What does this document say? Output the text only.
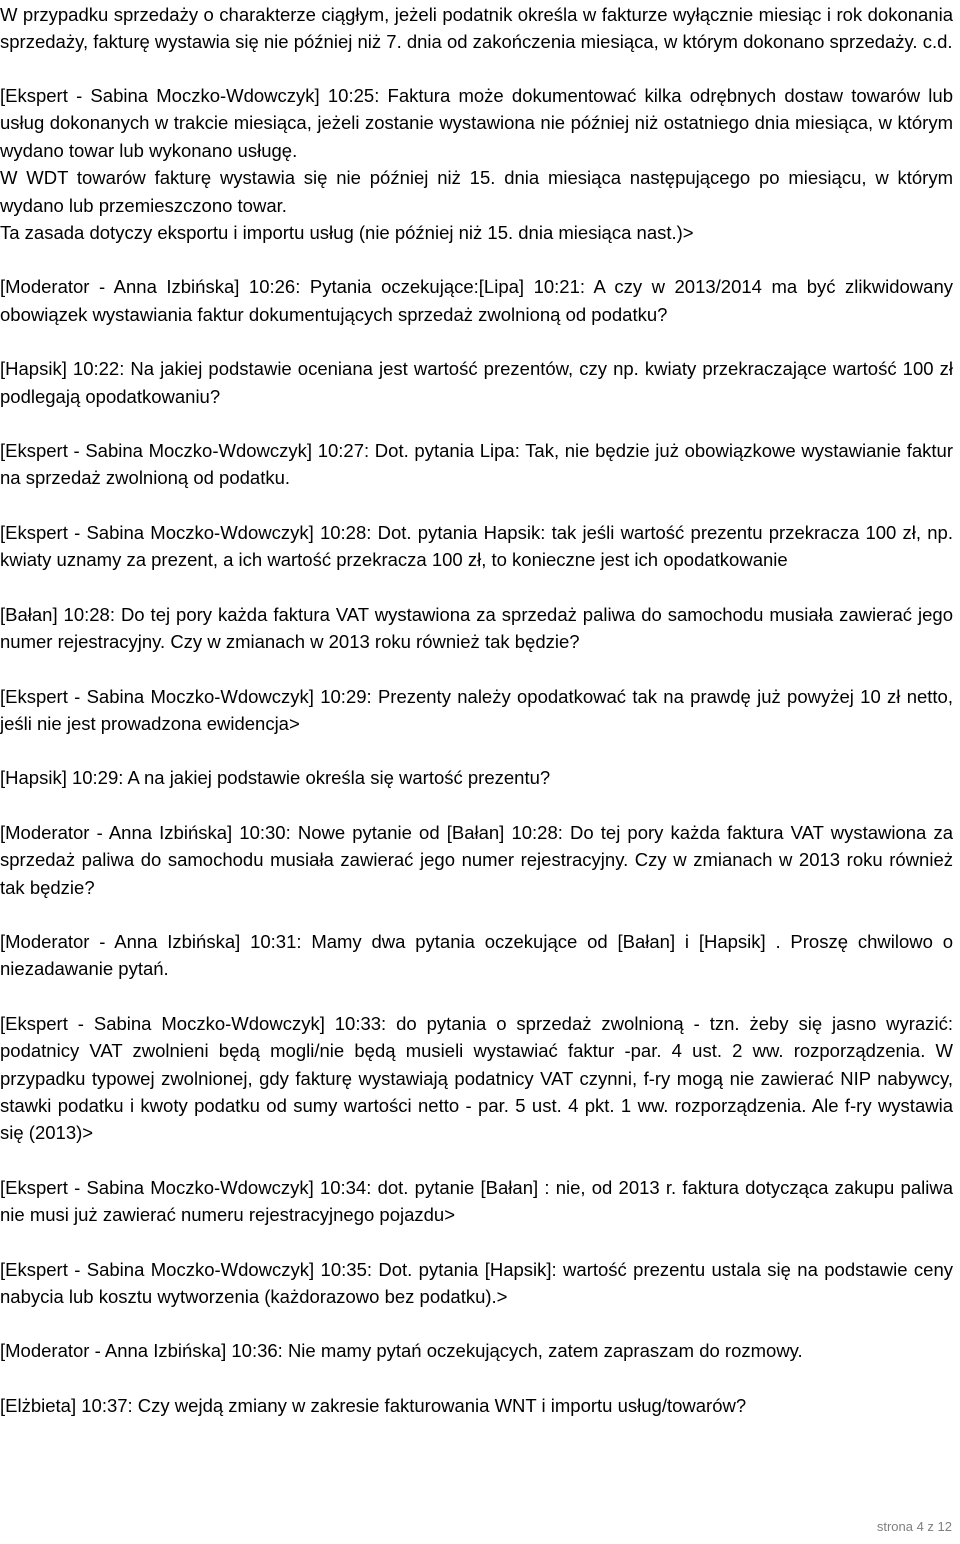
W przypadku sprzedaży o charakterze ciągłym, jeżeli podatnik określa w fakturze wyłącznie miesiąc i rok dokonania sprzedaży, fakturę wystawia się nie później niż 7. dnia od zakończenia miesiąca, w którym dokonano sprzedaży. c.d.

[Ekspert - Sabina Moczko-Wdowczyk] 10:25: Faktura może dokumentować kilka odrębnych dostaw towarów lub usług dokonanych w trakcie miesiąca, jeżeli zostanie wystawiona nie później niż ostatniego dnia miesiąca, w którym wydano towar lub wykonano usługę.

W WDT towarów fakturę wystawia się nie później niż 15. dnia miesiąca następującego po miesiącu, w którym wydano lub przemieszczono towar.

Ta zasada dotyczy eksportu i importu usług (nie później niż 15. dnia miesiąca nast.)>

[Moderator - Anna Izbińska] 10:26: Pytania oczekujące:[Lipa] 10:21: A czy w 2013/2014 ma być zlikwidowany obowiązek wystawiania faktur dokumentujących sprzedaż zwolnioną od podatku?

[Hapsik] 10:22: Na jakiej podstawie oceniana jest wartość prezentów, czy np. kwiaty przekraczające wartość 100 zł podlegają opodatkowaniu?

[Ekspert - Sabina Moczko-Wdowczyk] 10:27: Dot. pytania Lipa: Tak, nie będzie już obowiązkowe wystawianie faktur na sprzedaż zwolnioną od podatku.

[Ekspert - Sabina Moczko-Wdowczyk] 10:28: Dot. pytania Hapsik: tak jeśli wartość prezentu przekracza 100 zł, np. kwiaty uznamy za prezent, a ich wartość przekracza 100 zł, to konieczne jest ich opodatkowanie

[Bałan] 10:28: Do tej pory każda faktura VAT wystawiona za sprzedaż paliwa do samochodu musiała zawierać jego numer rejestracyjny. Czy w zmianach w 2013 roku również tak będzie?

[Ekspert - Sabina Moczko-Wdowczyk] 10:29: Prezenty należy opodatkować tak na prawdę już powyżej 10 zł netto, jeśli nie jest prowadzona ewidencja>

[Hapsik] 10:29: A na jakiej podstawie określa się wartość prezentu?

[Moderator - Anna Izbińska] 10:30: Nowe pytanie od [Bałan] 10:28: Do tej pory każda faktura VAT wystawiona za sprzedaż paliwa do samochodu musiała zawierać jego numer rejestracyjny. Czy w zmianach w 2013 roku również tak będzie?

[Moderator - Anna Izbińska] 10:31: Mamy dwa pytania oczekujące od [Bałan] i [Hapsik] . Proszę chwilowo o niezadawanie pytań.

[Ekspert - Sabina Moczko-Wdowczyk] 10:33: do pytania o sprzedaż zwolnioną - tzn. żeby się jasno wyrazić: podatnicy VAT zwolnieni będą mogli/nie będą musieli wystawiać faktur -par. 4 ust. 2 ww. rozporządzenia. W przypadku typowej zwolnionej, gdy fakturę wystawiają podatnicy VAT czynni, f-ry mogą nie zawierać NIP nabywcy, stawki podatku i kwoty podatku od sumy wartości netto - par. 5 ust. 4 pkt. 1 ww. rozporządzenia. Ale f-ry wystawia się (2013)>

[Ekspert - Sabina Moczko-Wdowczyk] 10:34: dot. pytanie [Bałan] : nie, od 2013 r. faktura dotycząca zakupu paliwa nie musi już zawierać numeru rejestracyjnego pojazdu>

[Ekspert - Sabina Moczko-Wdowczyk] 10:35: Dot. pytania [Hapsik]: wartość prezentu ustala się na podstawie ceny nabycia lub kosztu wytworzenia (każdorazowo bez podatku).>

[Moderator - Anna Izbińska] 10:36: Nie mamy pytań oczekujących, zatem zapraszam do rozmowy.

[Elżbieta] 10:37: Czy wejdą zmiany w zakresie fakturowania WNT i importu usług/towarów?

strona 4 z 12
